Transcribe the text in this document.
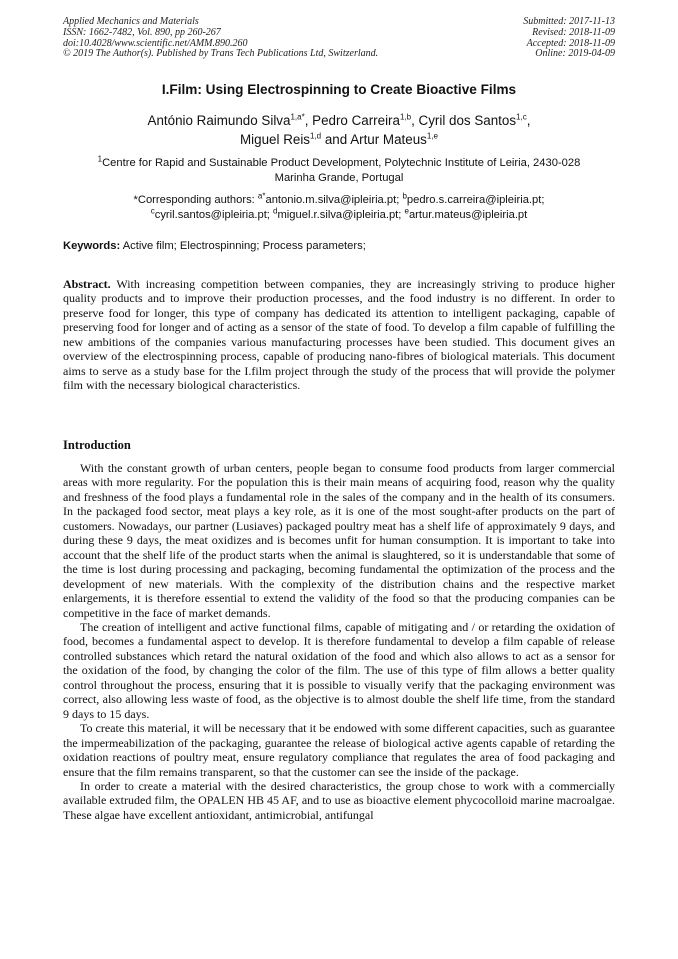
Applied Mechanics and Materials
ISSN: 1662-7482, Vol. 890, pp 260-267
doi:10.4028/www.scientific.net/AMM.890.260
© 2019 The Author(s). Published by Trans Tech Publications Ltd, Switzerland.
Submitted: 2017-11-13
Revised: 2018-11-09
Accepted: 2018-11-09
Online: 2019-04-09
I.Film: Using Electrospinning to Create Bioactive Films
António Raimundo Silva$^{1,a*}$, Pedro Carreira$^{1,b}$, Cyril dos Santos$^{1,c}$,
Miguel Reis$^{1,d}$ and Artur Mateus$^{1,e}$
$^1$Centre for Rapid and Sustainable Product Development, Polytechnic Institute of Leiria, 2430-028
Marinha Grande, Portugal
*Corresponding authors: $^{a*}$antonio.m.silva@ipleiria.pt; $^b$pedro.s.carreira@ipleiria.pt;
$^c$cyril.santos@ipleiria.pt; $^d$miguel.r.silva@ipleiria.pt; $^e$artur.mateus@ipleiria.pt
Keywords: Active film; Electrospinning; Process parameters;
Abstract. With increasing competition between companies, they are increasingly striving to produce higher quality products and to improve their production processes, and the food industry is no different. In order to preserve food for longer, this type of company has dedicated its attention to intelligent packaging, capable of preserving food for longer and of acting as a sensor of the state of food. To develop a film capable of fulfilling the new ambitions of the companies various manufacturing processes have been studied. This document gives an overview of the electrospinning process, capable of producing nano-fibres of biological materials. This document aims to serve as a study base for the I.film project through the study of the process that will provide the polymer film with the necessary biological characteristics.
Introduction

With the constant growth of urban centers, people began to consume food products from larger commercial areas with more regularity. For the population this is their main means of acquiring food, reason why the quality and freshness of the food plays a fundamental role in the sales of the company and in the health of its consumers. In the packaged food sector, meat plays a key role, as it is one of the most sought-after products on the part of customers. Nowadays, our partner (Lusiaves) packaged poultry meat has a shelf life of approximately 9 days, and during these 9 days, the meat oxidizes and is becomes unfit for human consumption. It is important to take into account that the shelf life of the product starts when the animal is slaughtered, so it is understandable that some of the time is lost during processing and packaging, becoming fundamental the optimization of the process and the development of new materials. With the complexity of the distribution chains and the respective market enlargements, it is therefore essential to extend the validity of the food so that the producing companies can be competitive in the face of market demands.

The creation of intelligent and active functional films, capable of mitigating and / or retarding the oxidation of food, becomes a fundamental aspect to develop. It is therefore fundamental to develop a film capable of release controlled substances which retard the natural oxidation of the food and which also allows to act as a sensor for the oxidation of the food, by changing the color of the film. The use of this type of film allows a better quality control throughout the process, ensuring that it is possible to visually verify that the packaging environment was correct, also allowing less waste of food, as the objective is to almost double the shelf life time, from the standard 9 days to 15 days.

To create this material, it will be necessary that it be endowed with some different capacities, such as guarantee the impermeabilization of the packaging, guarantee the release of biological active agents capable of retarding the oxidation reactions of poultry meat, ensure regulatory compliance that regulates the area of food packaging and ensure that the film remains transparent, so that the customer can see the inside of the package.

In order to create a material with the desired characteristics, the group chose to work with a commercially available extruded film, the OPALEN HB 45 AF, and to use as bioactive element phycocolloid marine macroalgae. These algae have excellent antioxidant, antimicrobial, antifungal
